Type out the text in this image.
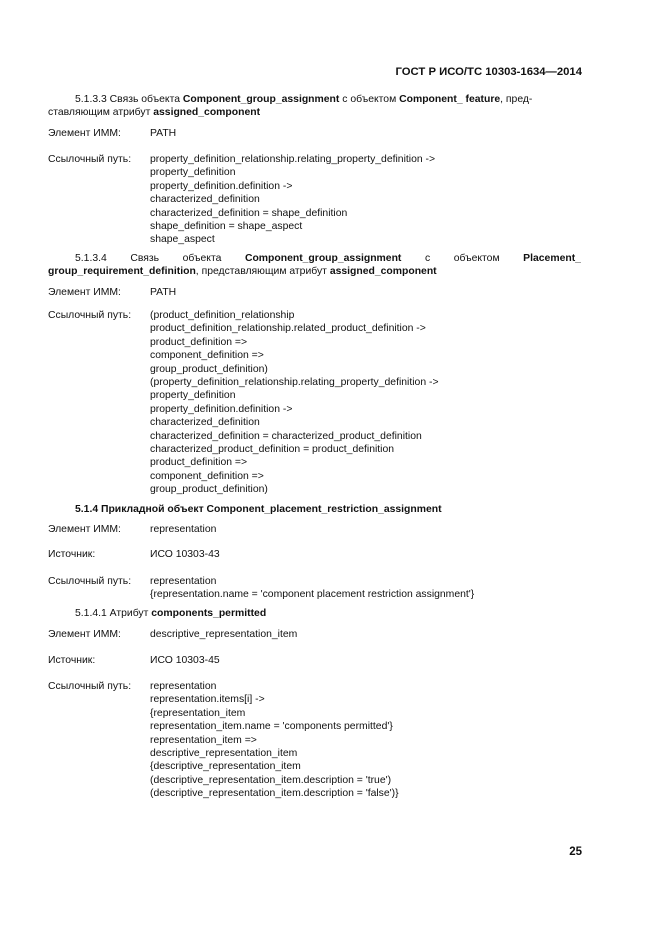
ГОСТ Р ИСО/ТС 10303-1634—2014
5.1.3.3 Связь объекта Component_group_assignment с объектом Component_ feature, пред-
ставляющим атрибут assigned_component
Элемент ИММ:	PATH
Ссылочный путь: property_definition_relationship.relating_property_definition ->
property_definition
property_definition.definition ->
characterized_definition
characterized_definition = shape_definition
shape_definition = shape_aspect
shape_aspect
5.1.3.4 Связь объекта Component_group_assignment с объектом Placement_
group_requirement_definition, представляющим атрибут assigned_component
Элемент ИММ:	PATH
Ссылочный путь: (product_definition_relationship
product_definition_relationship.related_product_definition ->
product_definition =>
component_definition =>
group_product_definition)
(property_definition_relationship.relating_property_definition ->
property_definition
property_definition.definition ->
characterized_definition
characterized_definition = characterized_product_definition
characterized_product_definition = product_definition
product_definition =>
component_definition =>
group_product_definition)
5.1.4 Прикладной объект Component_placement_restriction_assignment
Элемент ИММ:	representation
Источник:	ИСО 10303-43
Ссылочный путь: representation
{representation.name = 'component placement restriction assignment'}
5.1.4.1 Атрибут components_permitted
Элемент ИММ:	descriptive_representation_item
Источник:	ИСО 10303-45
Ссылочный путь: representation
representation.items[i] ->
{representation_item
representation_item.name = 'components permitted'}
representation_item =>
descriptive_representation_item
{descriptive_representation_item
(descriptive_representation_item.description = 'true')
(descriptive_representation_item.description = 'false')}
25
